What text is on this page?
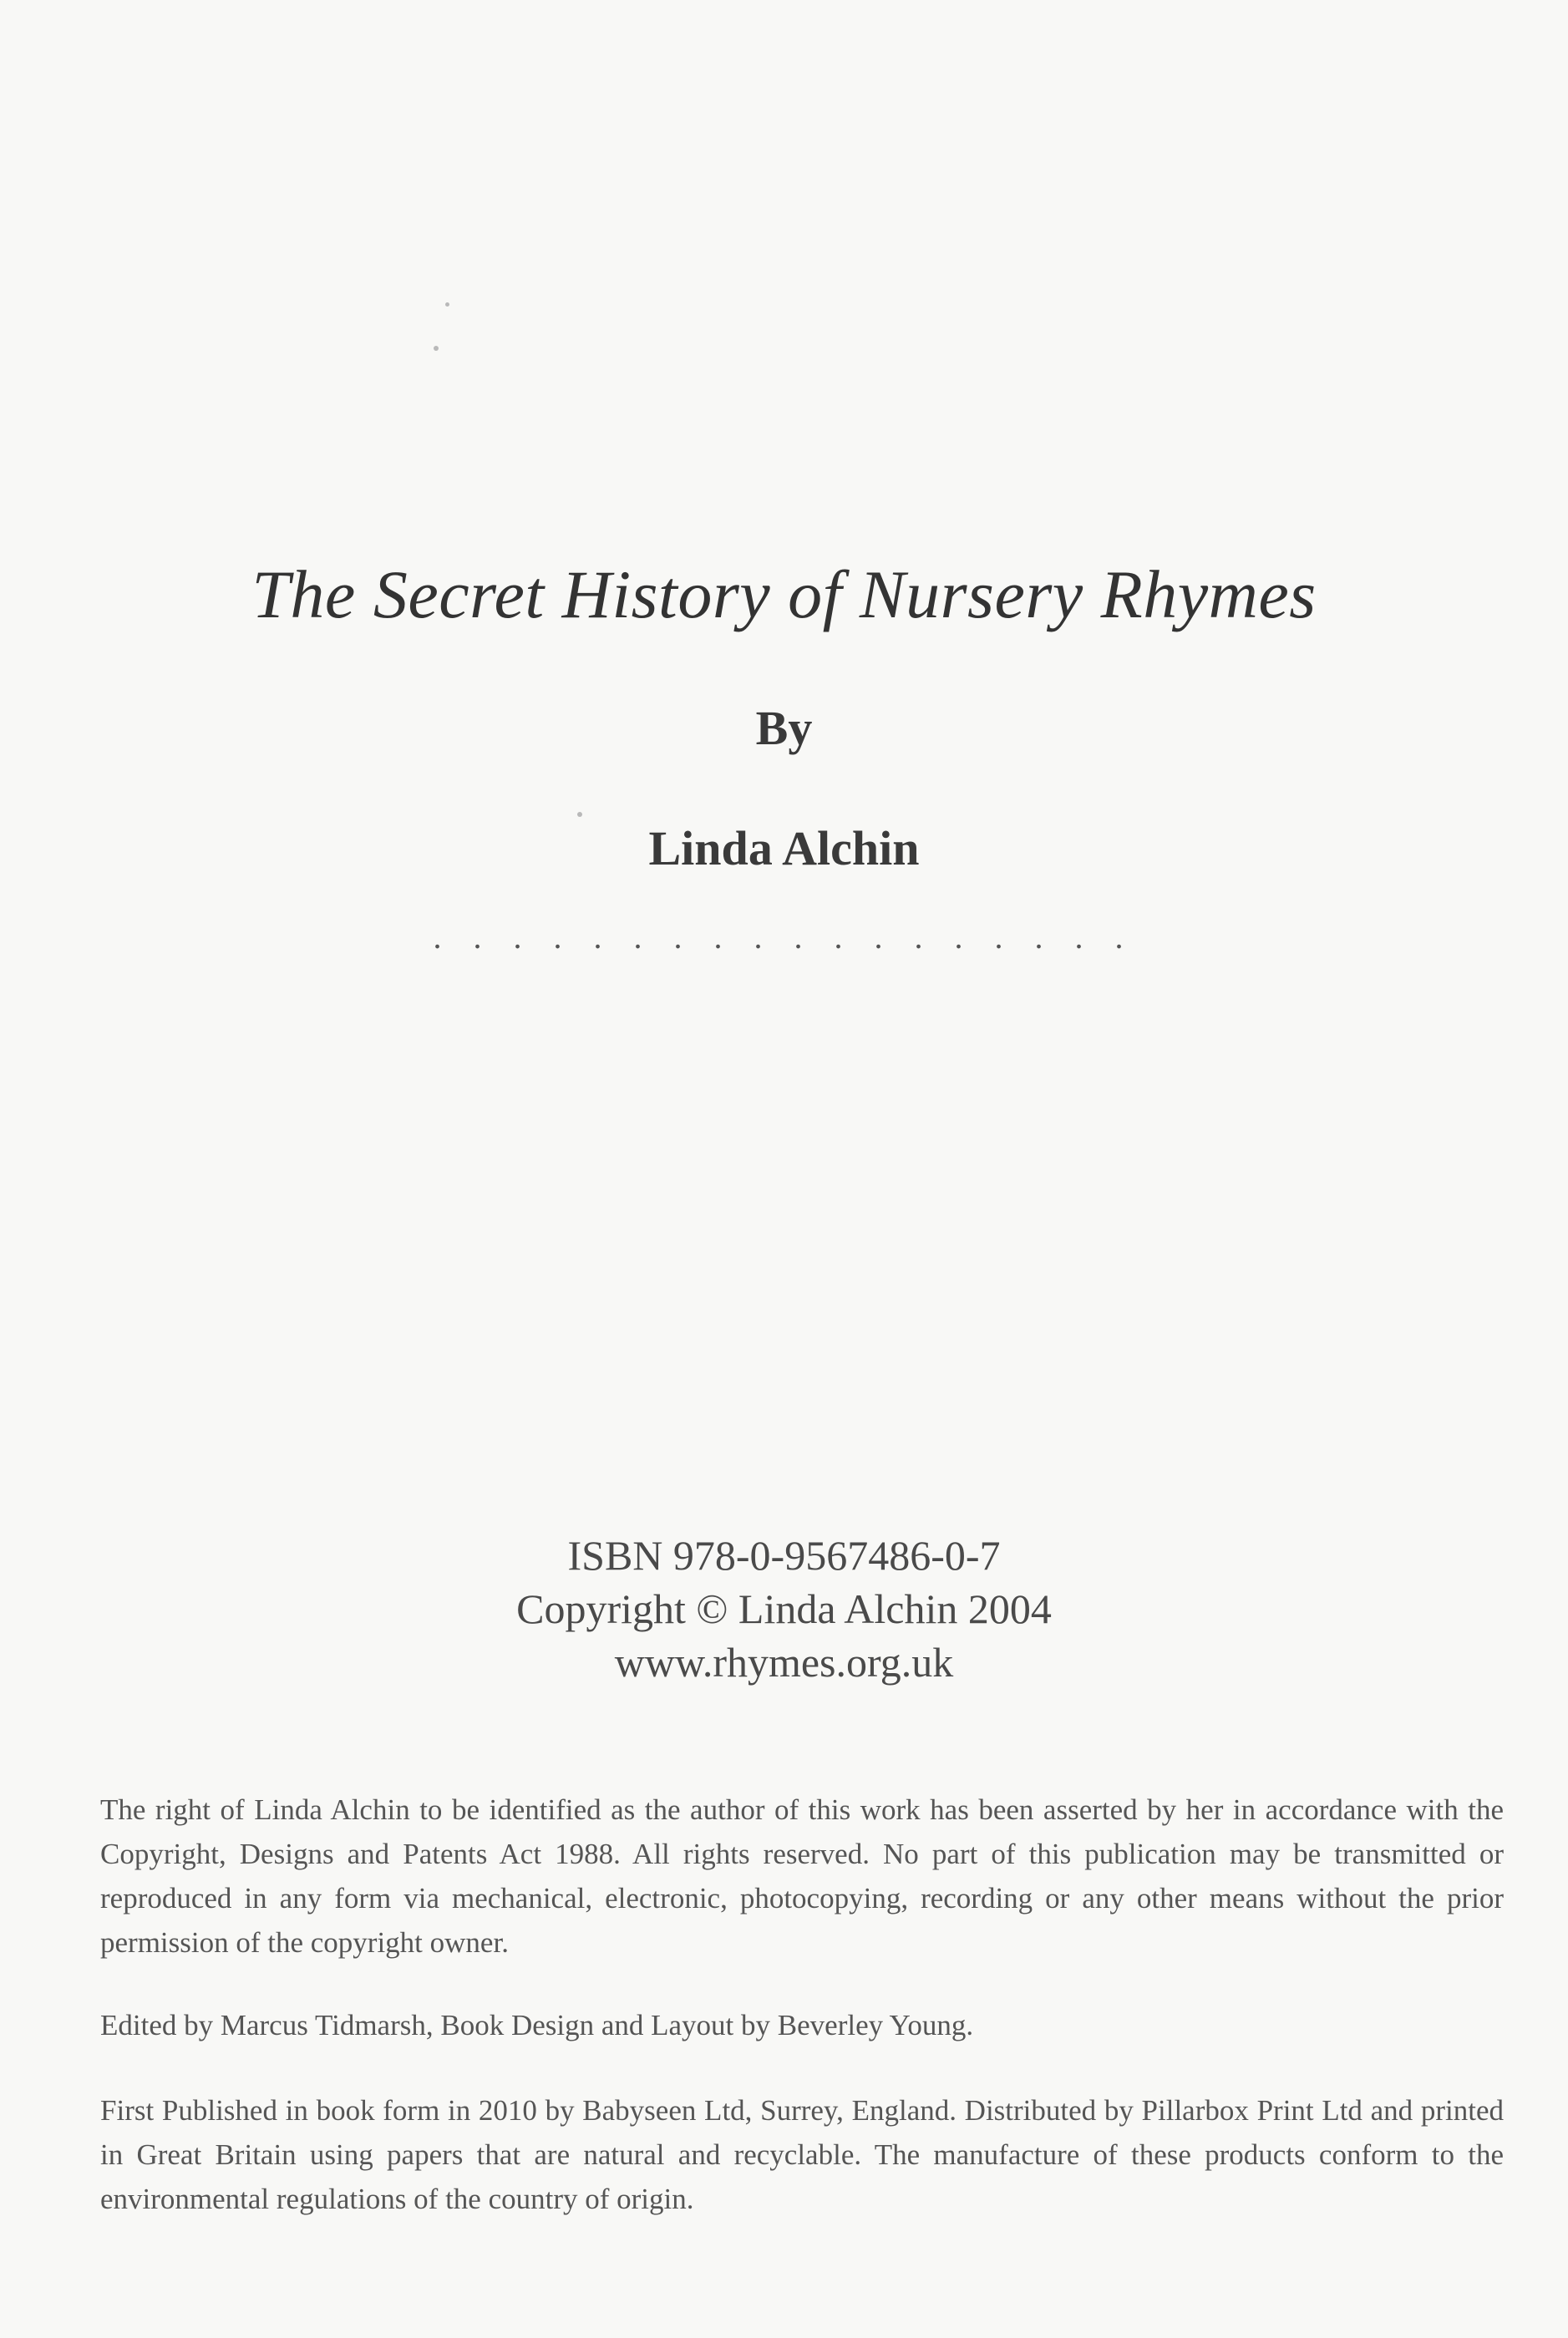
The Secret History of Nursery Rhymes
By
Linda Alchin
. . . . . . . . . . . . . . . . . .
ISBN 978-0-9567486-0-7
Copyright © Linda Alchin 2004
www.rhymes.org.uk
The right of Linda Alchin to be identified as the author of this work has been asserted by her in accordance with the Copyright, Designs and Patents Act 1988. All rights reserved. No part of this publication may be transmitted or reproduced in any form via mechanical, electronic, photocopying, recording or any other means without the prior permission of the copyright owner.
Edited by Marcus Tidmarsh, Book Design and Layout by Beverley Young.
First Published in book form in 2010 by Babyseen Ltd, Surrey, England. Distributed by Pillarbox Print Ltd and printed in Great Britain using papers that are natural and recyclable. The manufacture of these products conform to the environmental regulations of the country of origin.
